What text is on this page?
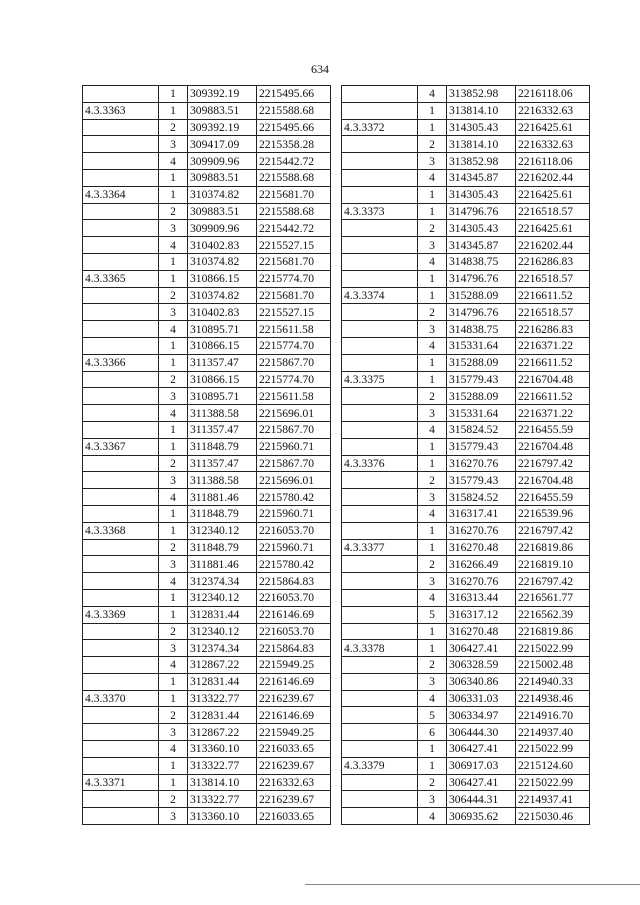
634
	1	309392.19	2215495.66
4.3.3363	1	309883.51	2215588.68
	2	309392.19	2215495.66
	3	309417.09	2215358.28
	4	309909.96	2215442.72
	1	309883.51	2215588.68
4.3.3364	1	310374.82	2215681.70
	2	309883.51	2215588.68
	3	309909.96	2215442.72
	4	310402.83	2215527.15
	1	310374.82	2215681.70
4.3.3365	1	310866.15	2215774.70
	2	310374.82	2215681.70
	3	310402.83	2215527.15
	4	310895.71	2215611.58
	1	310866.15	2215774.70
4.3.3366	1	311357.47	2215867.70
	2	310866.15	2215774.70
	3	310895.71	2215611.58
	4	311388.58	2215696.01
	1	311357.47	2215867.70
4.3.3367	1	311848.79	2215960.71
	2	311357.47	2215867.70
	3	311388.58	2215696.01
	4	311881.46	2215780.42
	1	311848.79	2215960.71
4.3.3368	1	312340.12	2216053.70
	2	311848.79	2215960.71
	3	311881.46	2215780.42
	4	312374.34	2215864.83
	1	312340.12	2216053.70
4.3.3369	1	312831.44	2216146.69
	2	312340.12	2216053.70
	3	312374.34	2215864.83
	4	312867.22	2215949.25
	1	312831.44	2216146.69
4.3.3370	1	313322.77	2216239.67
	2	312831.44	2216146.69
	3	312867.22	2215949.25
	4	313360.10	2216033.65
	1	313322.77	2216239.67
4.3.3371	1	313814.10	2216332.63
	2	313322.77	2216239.67
	3	313360.10	2216033.65
	4	313852.98	2216118.06
	1	313814.10	2216332.63
4.3.3372	1	314305.43	2216425.61
	2	313814.10	2216332.63
	3	313852.98	2216118.06
	4	314345.87	2216202.44
	1	314305.43	2216425.61
4.3.3373	1	314796.76	2216518.57
	2	314305.43	2216425.61
	3	314345.87	2216202.44
	4	314838.75	2216286.83
	1	314796.76	2216518.57
4.3.3374	1	315288.09	2216611.52
	2	314796.76	2216518.57
	3	314838.75	2216286.83
	4	315331.64	2216371.22
	1	315288.09	2216611.52
4.3.3375	1	315779.43	2216704.48
	2	315288.09	2216611.52
	3	315331.64	2216371.22
	4	315824.52	2216455.59
	1	315779.43	2216704.48
4.3.3376	1	316270.76	2216797.42
	2	315779.43	2216704.48
	3	315824.52	2216455.59
	4	316317.41	2216539.96
	1	316270.76	2216797.42
4.3.3377	1	316270.48	2216819.86
	2	316266.49	2216819.10
	3	316270.76	2216797.42
	4	316313.44	2216561.77
	5	316317.12	2216562.39
	1	316270.48	2216819.86
4.3.3378	1	306427.41	2215022.99
	2	306328.59	2215002.48
	3	306340.86	2214940.33
	4	306331.03	2214938.46
	5	306334.97	2214916.70
	6	306444.30	2214937.40
	1	306427.41	2215022.99
4.3.3379	1	306917.03	2215124.60
	2	306427.41	2215022.99
	3	306444.31	2214937.41
	4	306935.62	2215030.46
